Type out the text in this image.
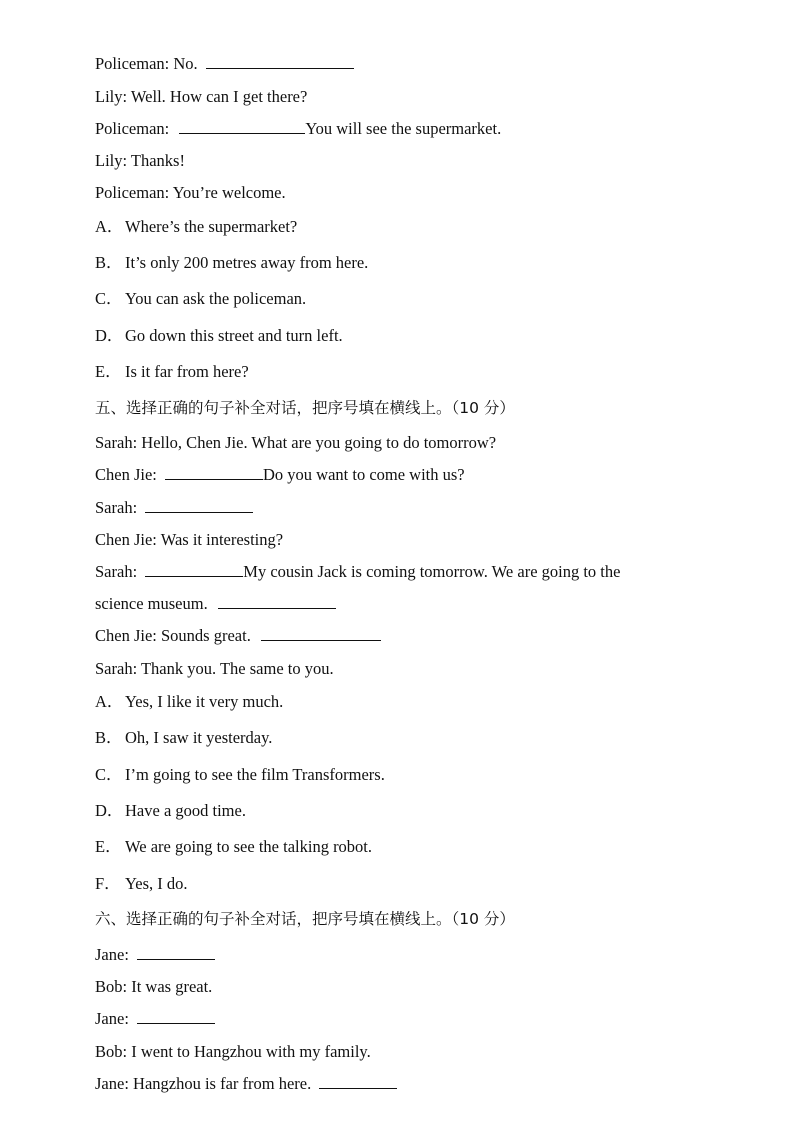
Policeman: No.
Lily: Well. How can I get there?
Policeman:	You will see the supermarket.
Lily: Thanks!
Policeman: You’re welcome.
A．Where’s the supermarket?
B． It’s only 200 metres away from here.
C． You can ask the policeman.
D．Go down this street and turn left.
E． Is it far from here?
五、选择正确的句子补全对话，把序号填在横线上。（10 分）
Sarah: Hello, Chen Jie. What are you going to do tomorrow?
Chen Jie:	Do you want to come with us?
Sarah:
Chen Jie: Was it interesting?
Sarah:	My cousin Jack is coming tomorrow. We are going to the
science museum.
Chen Jie: Sounds great.
Sarah: Thank you. The same to you.
A．Yes, I like it very much.
B． Oh, I saw it yesterday.
C． I’m going to see the film Transformers.
D．Have a good time.
E． We are going to see the talking robot.
F． Yes, I do.
六、选择正确的句子补全对话，把序号填在横线上。（10 分）
Jane:
Bob: It was great.
Jane:
Bob: I went to Hangzhou with my family.
Jane: Hangzhou is far from here.
